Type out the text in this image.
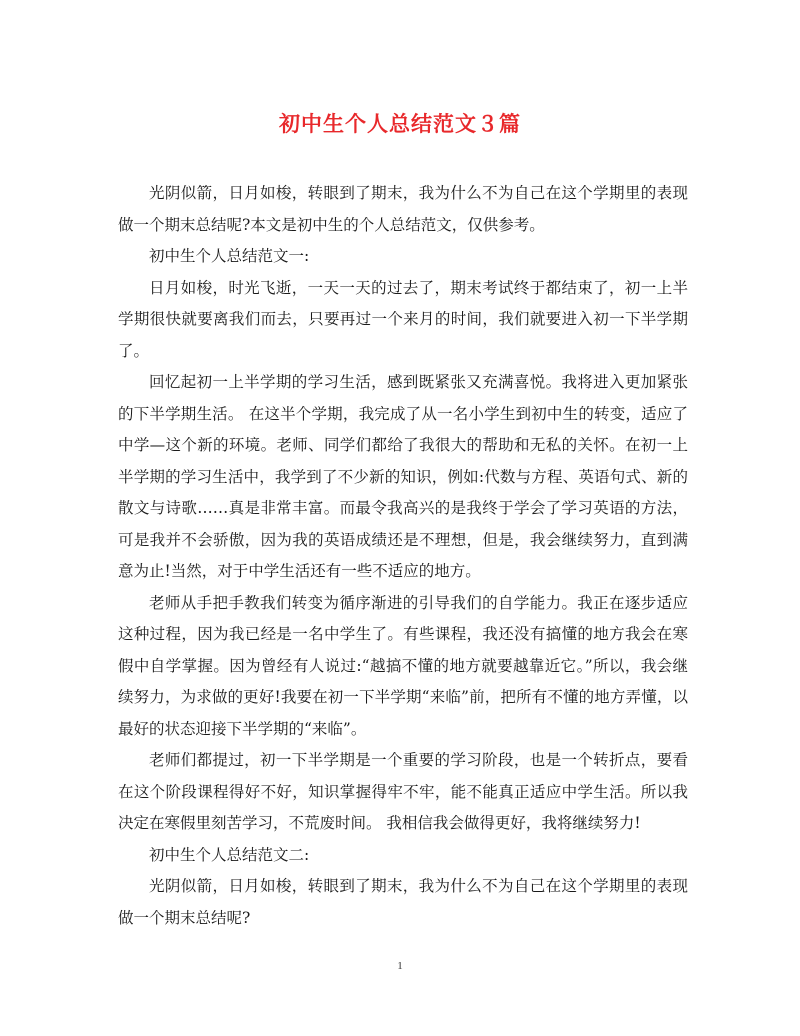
初中生个人总结范文３篇

光阴似箭，日月如梭，转眼到了期末，我为什么不为自己在这个学期里的表现做一个期末总结呢?本文是初中生的个人总结范文，仅供参考。

初中生个人总结范文一:

日月如梭，时光飞逝，一天一天的过去了，期末考试终于都结束了，初一上半学期很快就要离我们而去，只要再过一个来月的时间，我们就要进入初一下半学期了。

回忆起初一上半学期的学习生活，感到既紧张又充满喜悦。我将进入更加紧张的下半学期生活。 在这半个学期，我完成了从一名小学生到初中生的转变，适应了中学—这个新的环境。老师、同学们都给了我很大的帮助和无私的关怀。在初一上半学期的学习生活中，我学到了不少新的知识，例如:代数与方程、英语句式、新的散文与诗歌……真是非常丰富。而最令我高兴的是我终于学会了学习英语的方法，可是我并不会骄傲，因为我的英语成绩还是不理想，但是，我会继续努力，直到满意为止!当然，对于中学生活还有一些不适应的地方。

老师从手把手教我们转变为循序渐进的引导我们的自学能力。我正在逐步适应这种过程，因为我已经是一名中学生了。有些课程，我还没有搞懂的地方我会在寒假中自学掌握。因为曾经有人说过:“越搞不懂的地方就要越靠近它。”所以，我会继续努力，为求做的更好!我要在初一下半学期“来临”前，把所有不懂的地方弄懂，以最好的状态迎接下半学期的“来临”。

老师们都提过，初一下半学期是一个重要的学习阶段，也是一个转折点，要看在这个阶段课程得好不好，知识掌握得牢不牢，能不能真正适应中学生活。所以我决定在寒假里刻苦学习，不荒废时间。 我相信我会做得更好，我将继续努力!

初中生个人总结范文二:

光阴似箭，日月如梭，转眼到了期末，我为什么不为自己在这个学期里的表现做一个期末总结呢?

1
